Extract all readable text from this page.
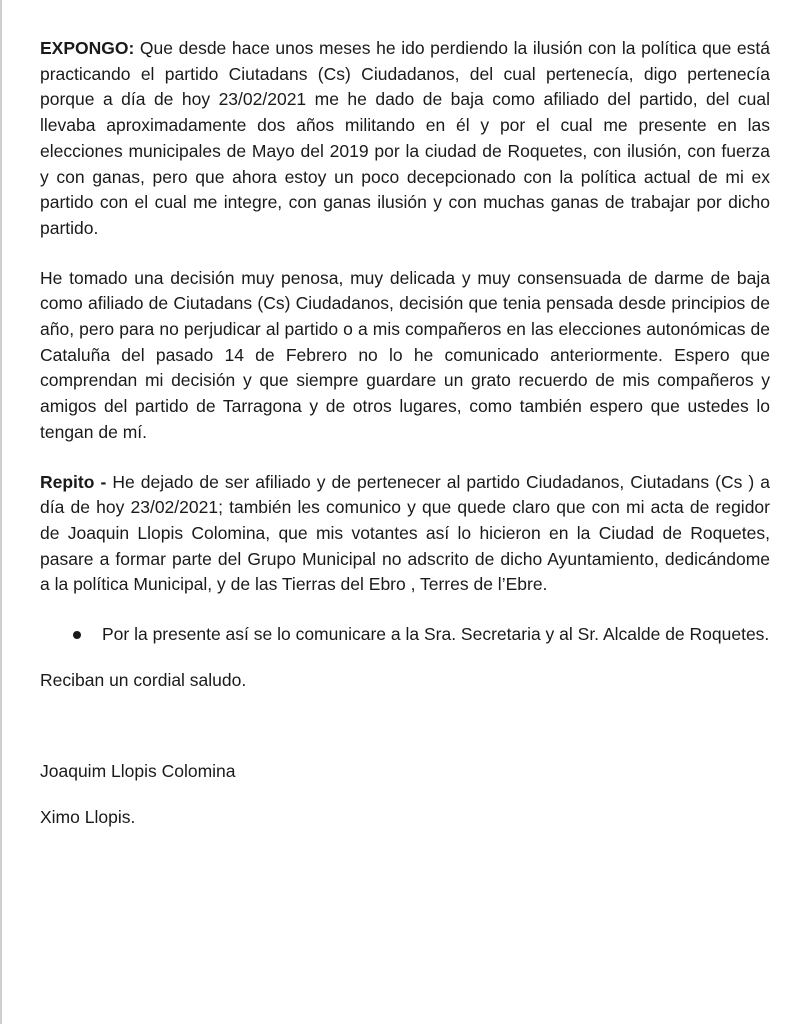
EXPONGO: Que desde hace unos meses he ido perdiendo la ilusión con la política que está practicando el partido Ciutadans (Cs) Ciudadanos, del cual pertenecía, digo pertenecía porque a día de hoy 23/02/2021 me he dado de baja como afiliado del partido, del cual llevaba aproximadamente dos años militando en él y por el cual me presente en las elecciones municipales de Mayo del 2019 por la ciudad de Roquetes, con ilusión, con fuerza y con ganas, pero que ahora estoy un poco decepcionado con la política actual de mi ex partido con el cual me integre, con ganas ilusión y con muchas ganas de trabajar por dicho partido.

He tomado una decisión muy penosa, muy delicada y muy consensuada de darme de baja como afiliado de Ciutadans (Cs) Ciudadanos, decisión que tenia pensada desde principios de año, pero para no perjudicar al partido o a mis compañeros en las elecciones autonómicas de Cataluña del pasado 14 de Febrero no lo he comunicado anteriormente. Espero que comprendan mi decisión y que siempre guardare un grato recuerdo de mis compañeros y amigos del partido de Tarragona y de otros lugares, como también espero que ustedes lo tengan de mí.

Repito - He dejado de ser afiliado y de pertenecer al partido Ciudadanos, Ciutadans (Cs ) a día de hoy 23/02/2021; también les comunico y que quede claro que con mi acta de regidor de Joaquin Llopis Colomina, que mis votantes así lo hicieron en la Ciudad de Roquetes, pasare a formar parte del Grupo Municipal no adscrito de dicho Ayuntamiento, dedicándome a la política Municipal, y de las Tierras del Ebro , Terres de l’Ebre.

Por la presente así se lo comunicare a la Sra. Secretaria y al Sr. Alcalde de Roquetes.

Reciban un cordial saludo.

Joaquim Llopis Colomina

Ximo Llopis.
